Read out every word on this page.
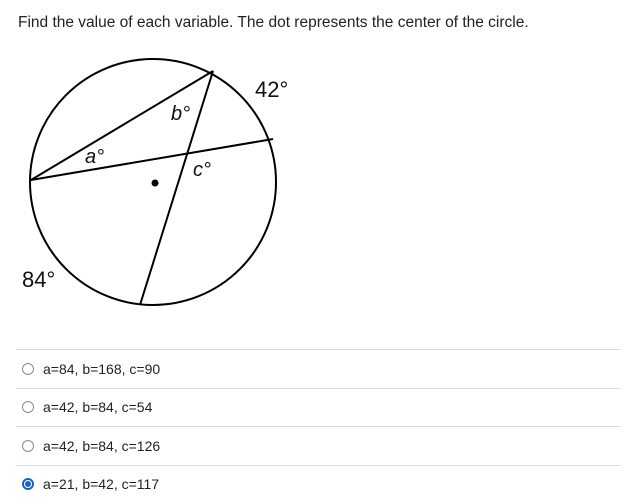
Find the value of each variable. The dot represents the center of the circle.
42°
84°
a°
b°
c°
a=84, b=168, c=90
a=42, b=84, c=54
a=42, b=84, c=126
a=21, b=42, c=117
